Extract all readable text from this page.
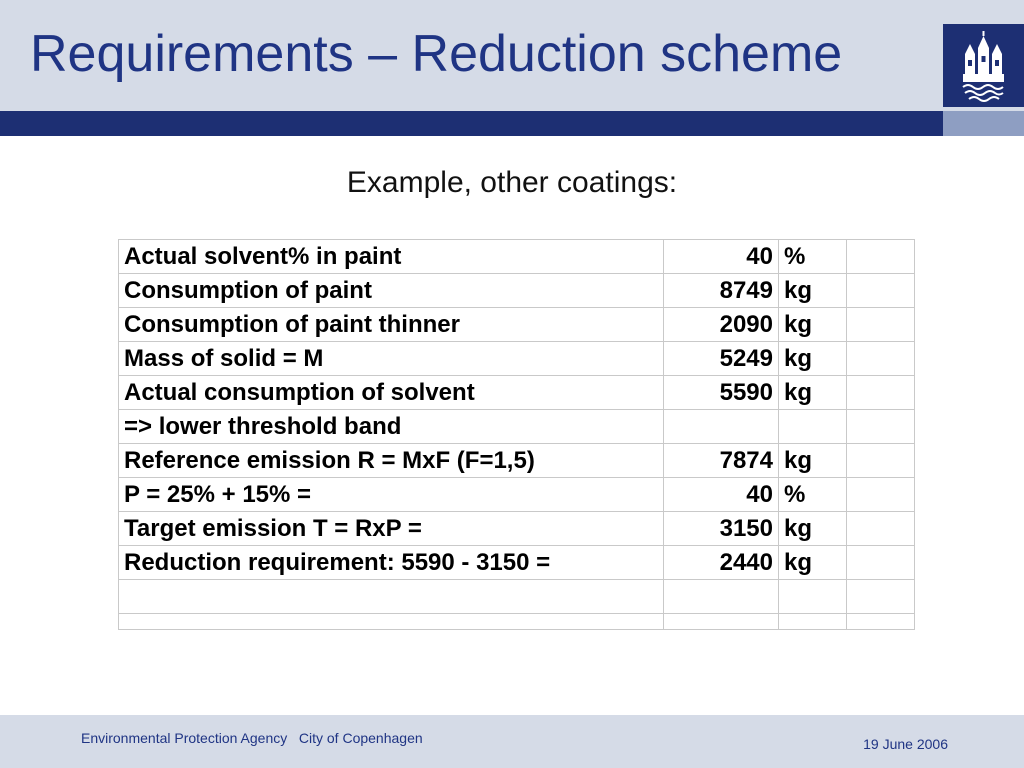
Requirements – Reduction scheme
Example, other coatings:
Actual solvent% in paint	40	%	
Consumption of paint	8749	kg	
Consumption of paint thinner	2090	kg	
Mass of solid = M	5249	kg	
Actual consumption of solvent	5590	kg	
=> lower threshold band			
Reference emission R = MxF (F=1,5)	7874	kg	
P = 25% + 15% =	40	%	
Target emission T = RxP =	3150	kg	
Reduction requirement: 5590 - 3150 =	2440	kg	

Environmental Protection Agency   City of Copenhagen	19 June 2006
